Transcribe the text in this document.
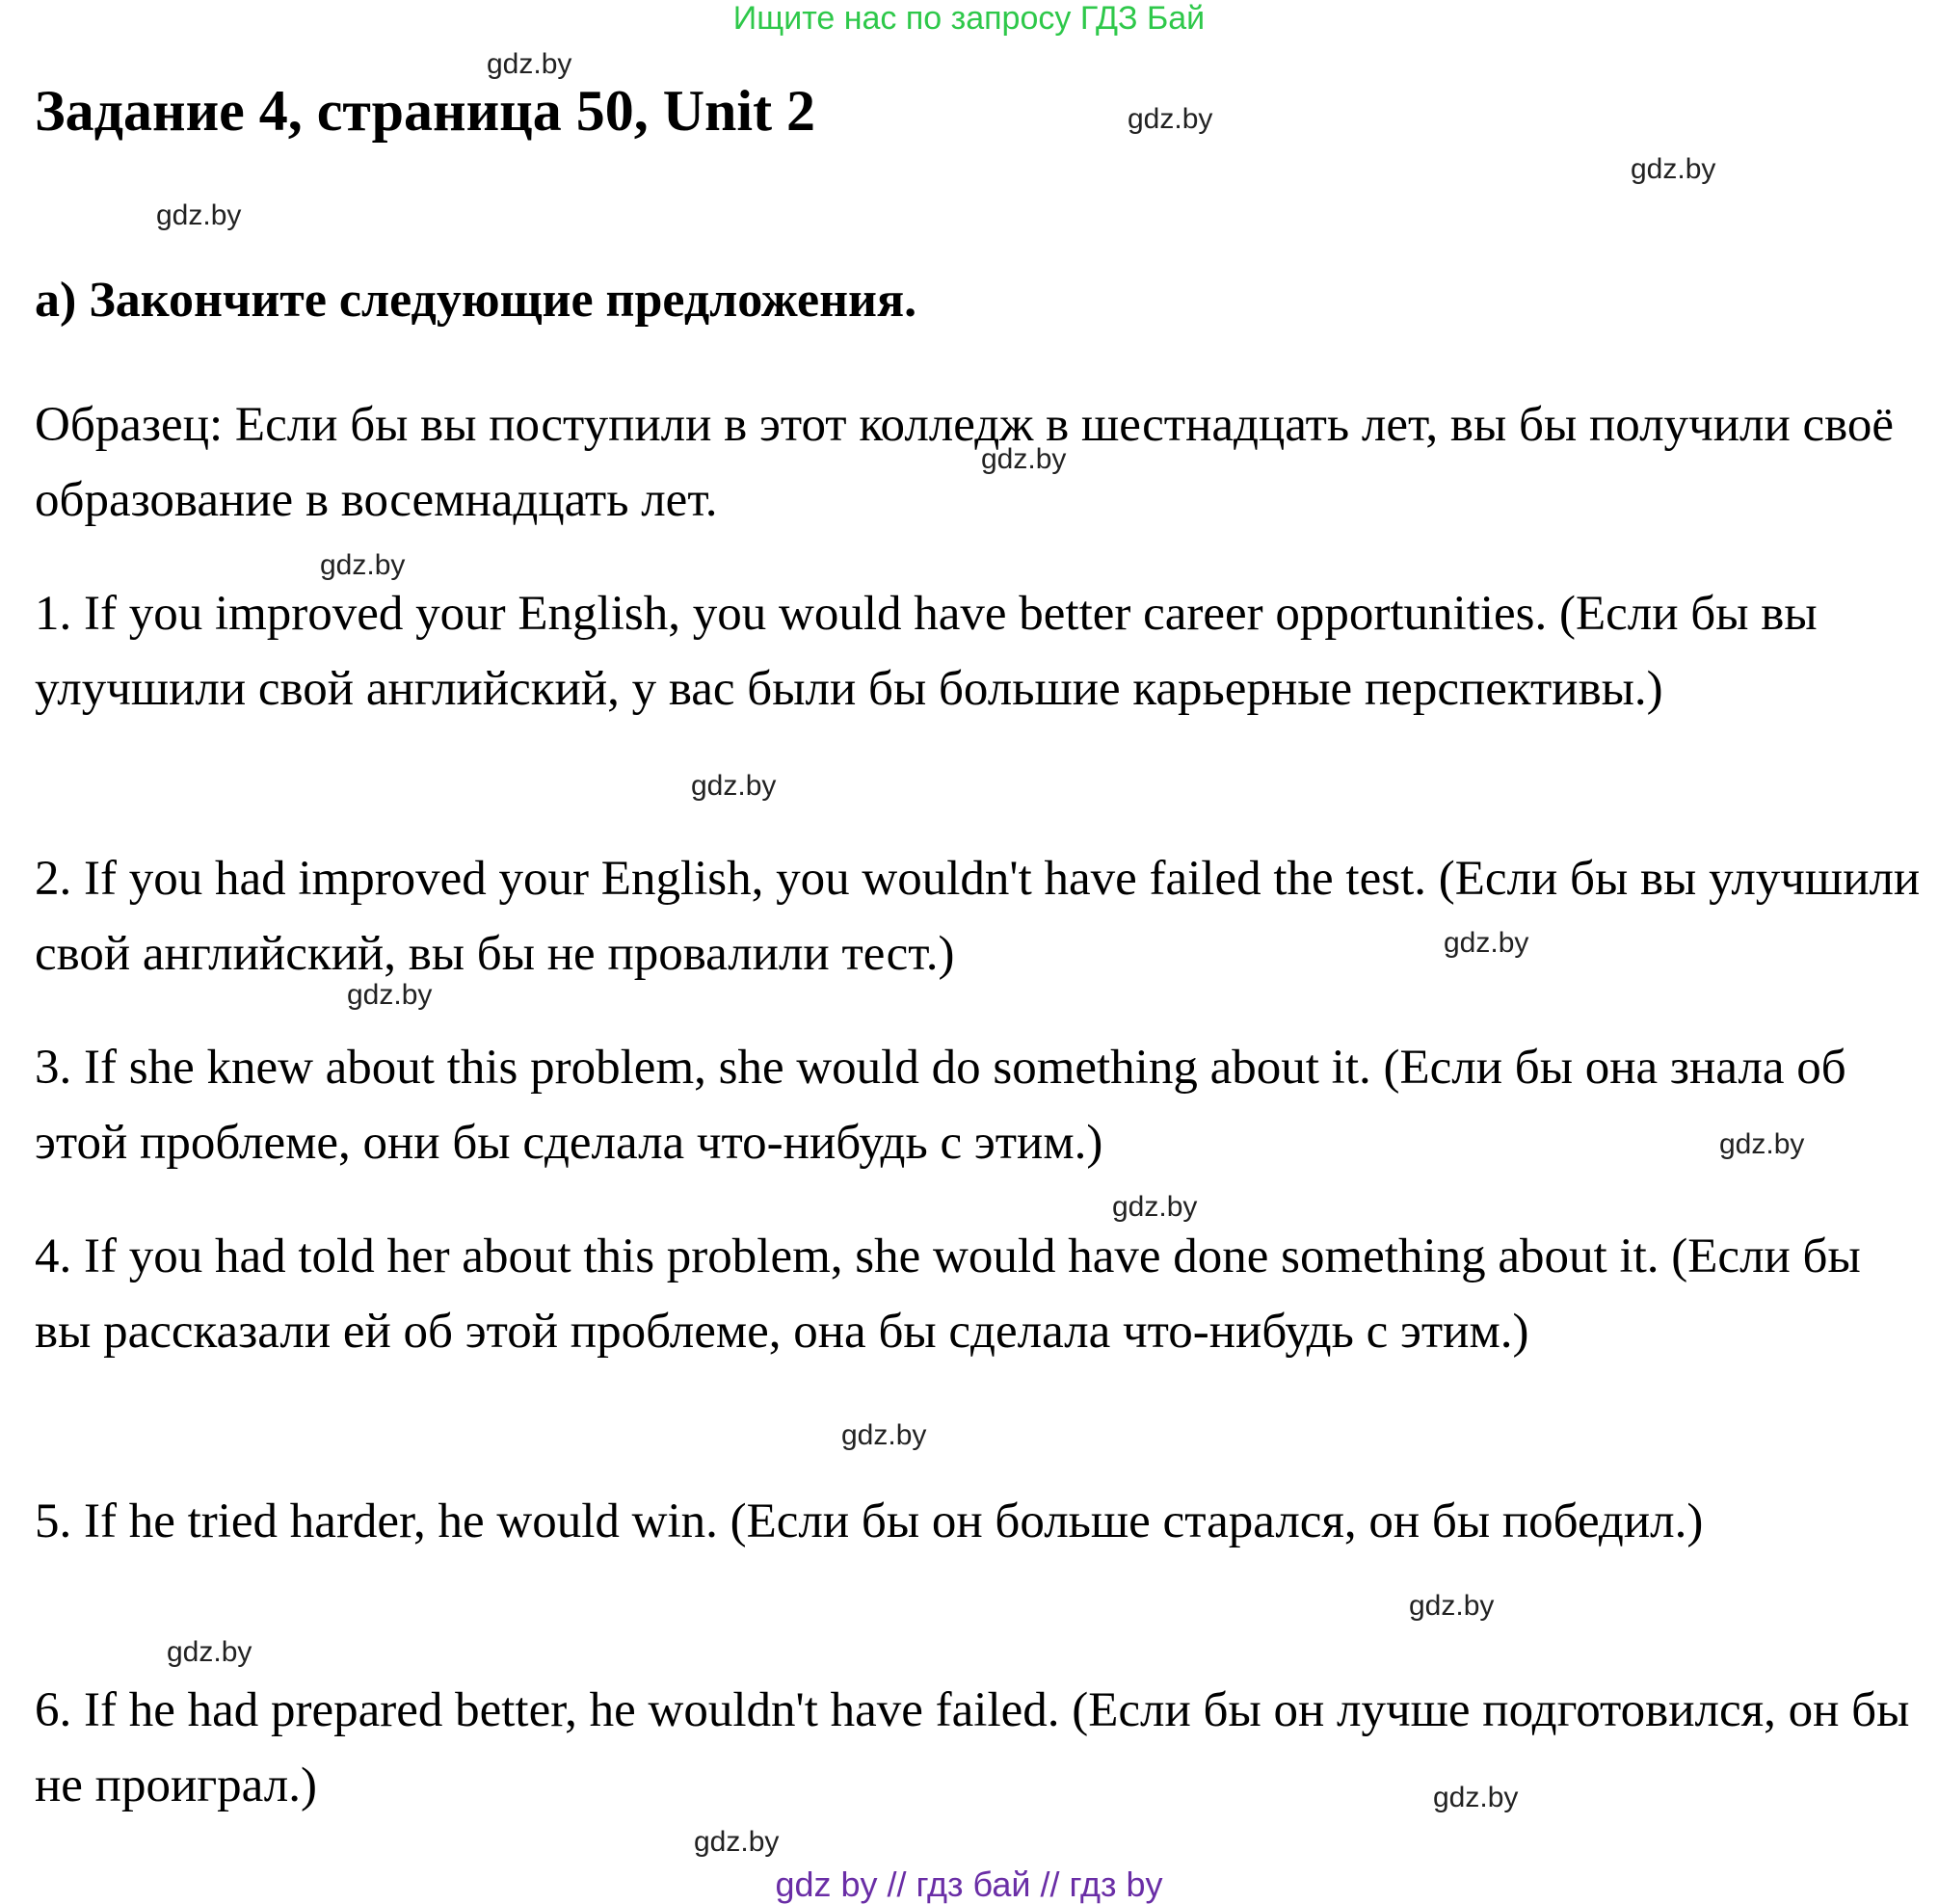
Ищите нас по запросу ГДЗ Бай
Задание 4, страница 50, Unit 2
а) Закончите следующие предложения.

Образец: Если бы вы поступили в этот колледж в шестнадцать лет, вы бы получили своё образование в восемнадцать лет.

1. If you improved your English, you would have better career opportunities. (Если бы вы улучшили свой английский, у вас были бы большие карьерные перспективы.)

2. If you had improved your English, you wouldn't have failed the test. (Если бы вы улучшили свой английский, вы бы не провалили тест.)

3. If she knew about this problem, she would do something about it. (Если бы она знала об этой проблеме, они бы сделала что-нибудь с этим.)

4. If you had told her about this problem, she would have done something about it. (Если бы вы рассказали ей об этой проблеме, она бы сделала что-нибудь с этим.)

5. If he tried harder, he would win. (Если бы он больше старался, он бы победил.)

6. If he had prepared better, he wouldn't have failed. (Если бы он лучше подготовился, он бы не проиграл.)

gdz.by
gdz.by
gdz.by
gdz.by
gdz.by
gdz.by
gdz.by
gdz.by
gdz.by
gdz.by
gdz.by
gdz.by
gdz.by
gdz.by
gdz.by
gdz.by
gdz by // гдз бай // гдз by
